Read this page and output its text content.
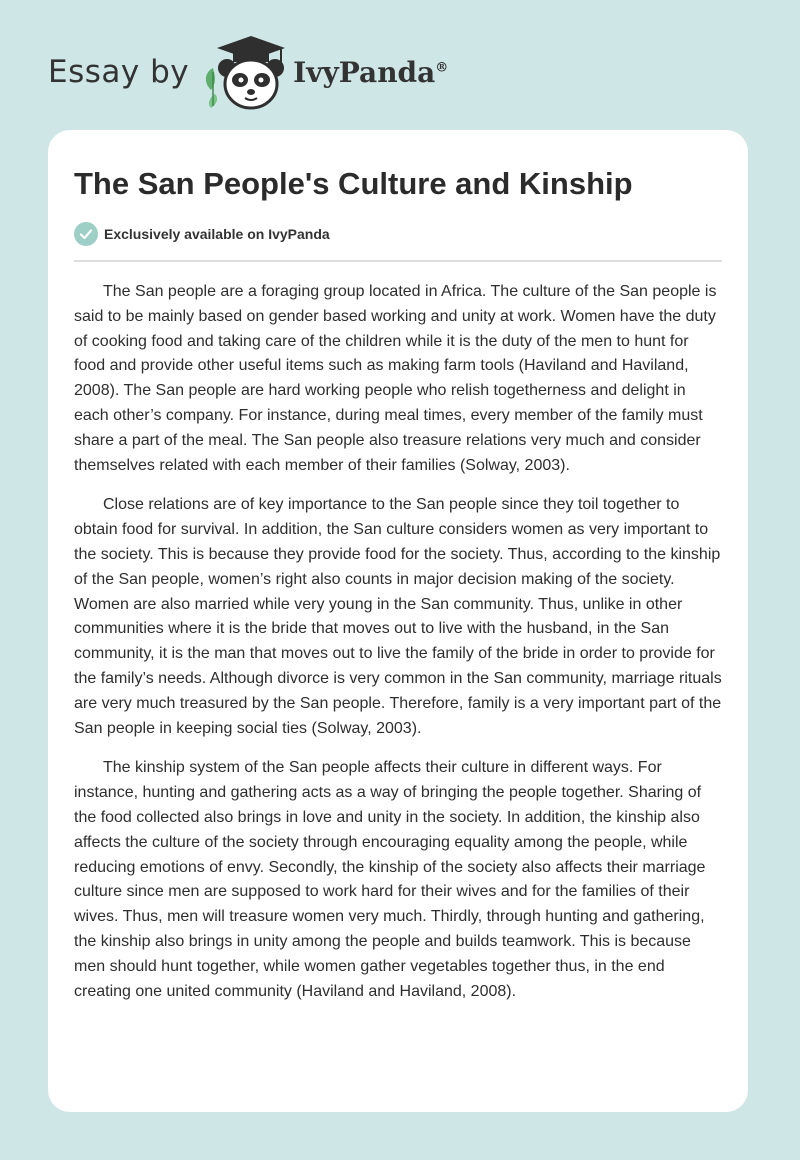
Essay by	IvyPanda®
The San People's Culture and Kinship
Exclusively available on IvyPanda

The San people are a foraging group located in Africa. The culture of the San people is said to be mainly based on gender based working and unity at work. Women have the duty of cooking food and taking care of the children while it is the duty of the men to hunt for food and provide other useful items such as making farm tools (Haviland and Haviland, 2008). The San people are hard working people who relish togetherness and delight in each other’s company. For instance, during meal times, every member of the family must share a part of the meal. The San people also treasure relations very much and consider themselves related with each member of their families (Solway, 2003).

Close relations are of key importance to the San people since they toil together to obtain food for survival. In addition, the San culture considers women as very important to the society. This is because they provide food for the society. Thus, according to the kinship of the San people, women’s right also counts in major decision making of the society. Women are also married while very young in the San community. Thus, unlike in other communities where it is the bride that moves out to live with the husband, in the San community, it is the man that moves out to live the family of the bride in order to provide for the family’s needs. Although divorce is very common in the San community, marriage rituals are very much treasured by the San people. Therefore, family is a very important part of the San people in keeping social ties (Solway, 2003).

The kinship system of the San people affects their culture in different ways. For instance, hunting and gathering acts as a way of bringing the people together. Sharing of the food collected also brings in love and unity in the society. In addition, the kinship also affects the culture of the society through encouraging equality among the people, while reducing emotions of envy. Secondly, the kinship of the society also affects their marriage culture since men are supposed to work hard for their wives and for the families of their wives. Thus, men will treasure women very much. Thirdly, through hunting and gathering, the kinship also brings in unity among the people and builds teamwork. This is because men should hunt together, while women gather vegetables together thus, in the end creating one united community (Haviland and Haviland, 2008).
